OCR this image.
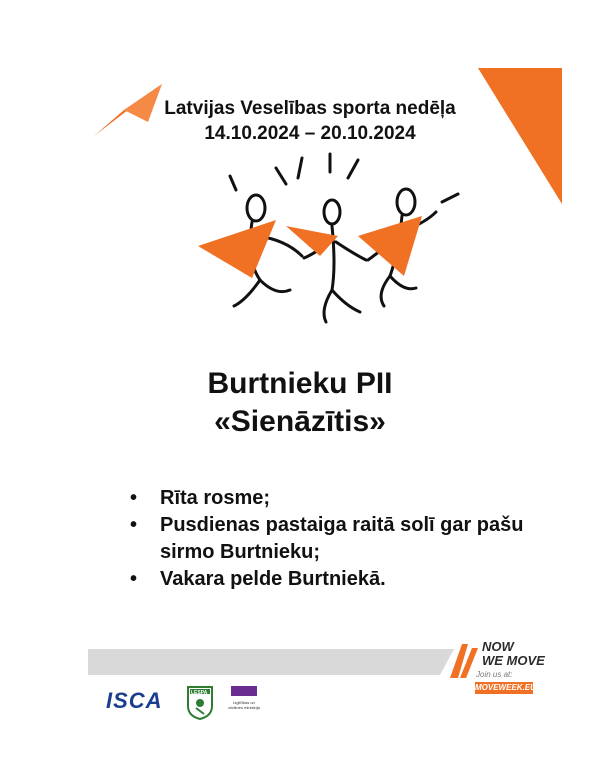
Latvijas Veselības sporta nedēļa
14.10.2024 – 20.10.2024
Burtnieku PII
«Sienāzītis»
• Rīta rosme;
• Pusdienas pastaiga raitā solī gar pašu sirmo Burtnieku;
• Vakara pelde Burtniekā.
NOW
WE MOVE
Join us at:
MOVEWEEK.EU
ISCA	LESPA
Izglītības un zinātnes ministrija
